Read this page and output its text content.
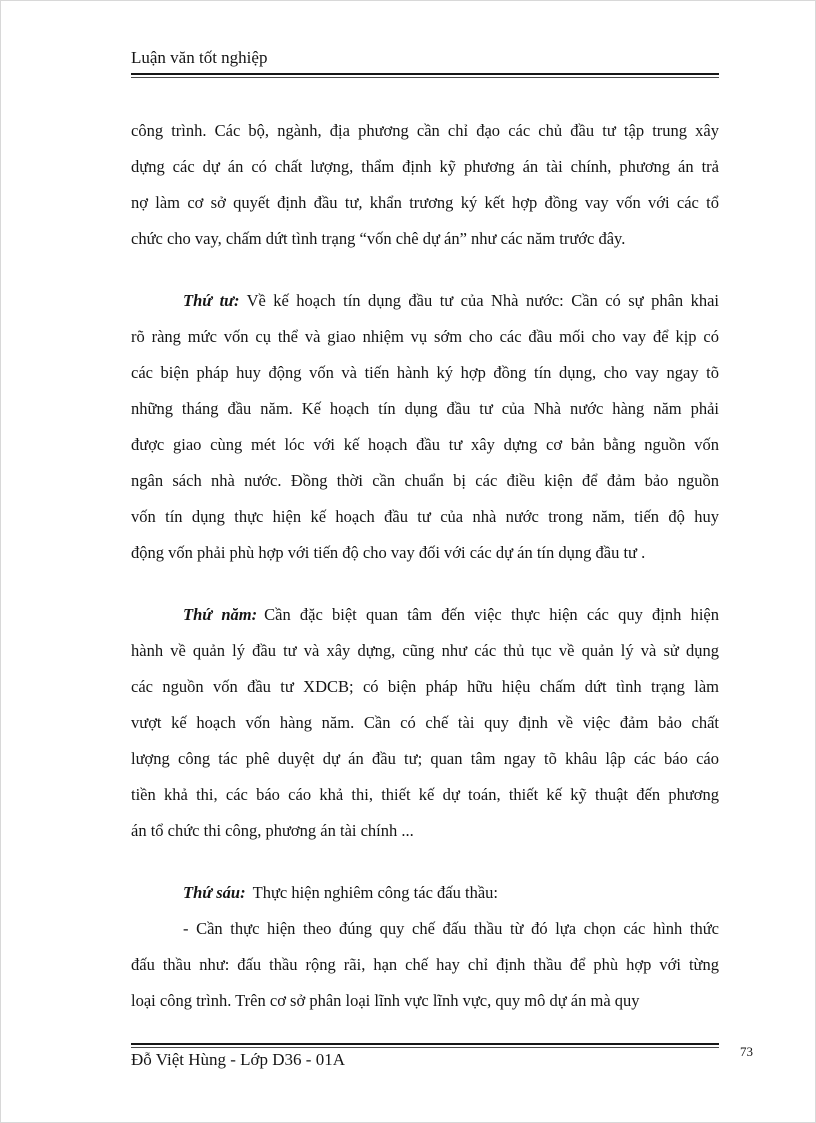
Luận văn tốt nghiệp
công trình. Các bộ, ngành, địa phương cần chỉ đạo các chủ đầu tư tập trung xây
dựng các dự án có chất lượng, thẩm định kỹ phương án tài chính, phương án trả
nợ làm cơ sở quyết định đầu tư, khẩn trương ký kết hợp đồng vay vốn với các tổ
chức cho vay, chấm dứt tình trạng “vốn chê dự án” như các năm trước đây.
Thứ tư: Về kế hoạch tín dụng đầu tư của Nhà nước: Cần có sự phân khai
rõ ràng mức vốn cụ thể và giao nhiệm vụ sớm cho các đầu mối cho vay để kịp có
các biện pháp huy động vốn và tiến hành ký hợp đồng tín dụng, cho vay ngay tõ
những tháng đầu năm. Kế hoạch tín dụng đầu tư của Nhà nước hàng năm phải
được giao cùng mét lóc với kế hoạch đầu tư xây dựng cơ bản bằng nguồn vốn
ngân sách nhà nước. Đồng thời cần chuẩn bị các điều kiện để đảm bảo nguồn
vốn tín dụng thực hiện kế hoạch đầu tư của nhà nước trong năm, tiến độ huy
động vốn phải phù hợp với tiến độ cho vay đối với các dự án tín dụng đầu tư .
Thứ năm: Cần đặc biệt quan tâm đến việc thực hiện các quy định hiện
hành về quản lý đầu tư và xây dựng, cũng như các thủ tục về quản lý và sử dụng
các nguồn vốn đầu tư XDCB; có biện pháp hữu hiệu chấm dứt tình trạng làm
vượt kế hoạch vốn hàng năm. Cần có chế tài quy định về việc đảm bảo chất
lượng công tác phê duyệt dự án đầu tư; quan tâm ngay tõ khâu lập các báo cáo
tiền khả thi, các báo cáo khả thi, thiết kế dự toán, thiết kế kỹ thuật đến phương
án tổ chức thi công, phương án tài chính ...
Thứ sáu: Thực hiện nghiêm công tác đấu thầu:
- Cần thực hiện theo đúng quy chế đấu thầu từ đó lựa chọn các hình thức
đấu thầu như: đấu thầu rộng rãi, hạn chế hay chỉ định thầu để phù hợp với từng
loại công trình. Trên cơ sở phân loại lĩnh vực lĩnh vực, quy mô dự án mà quy
Đỗ Việt Hùng - Lớp D36 - 01A	73
